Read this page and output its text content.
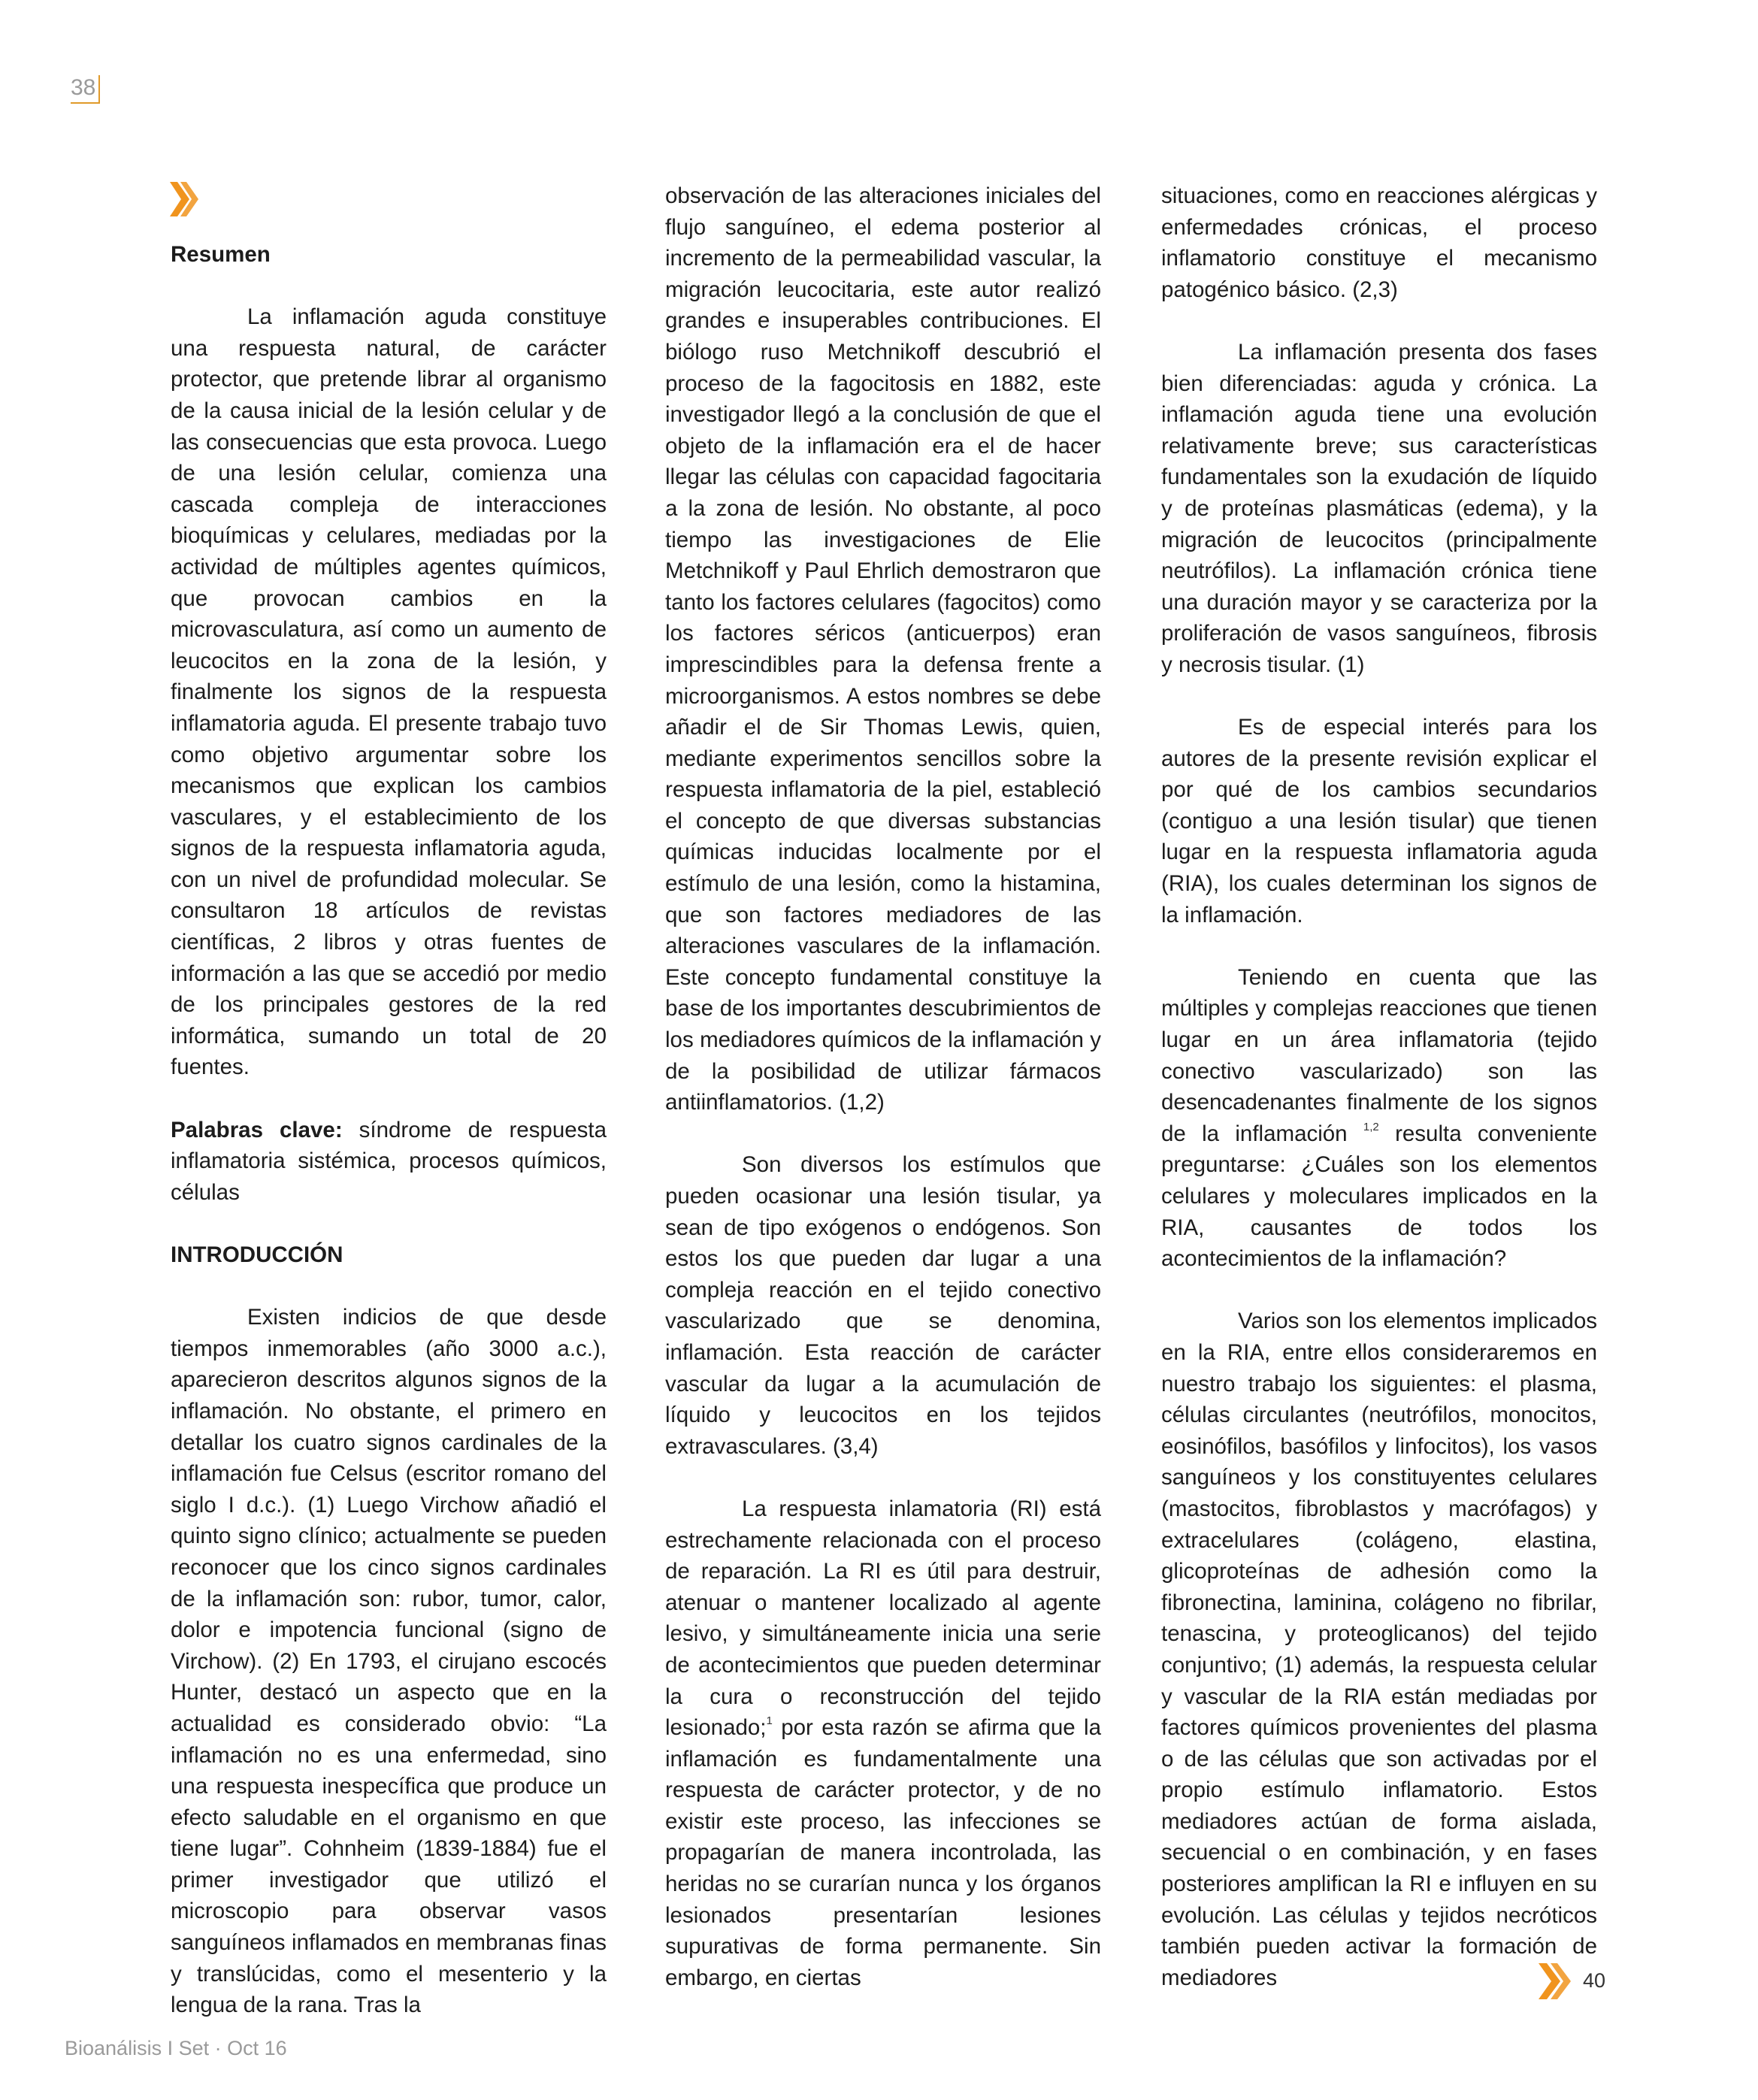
38
Resumen

La inflamación aguda constituye una respuesta natural, de carácter protector, que pretende librar al organismo de la causa inicial de la lesión celular y de las consecuencias que esta provoca. Luego de una lesión celular, comienza una cascada compleja de interacciones bioquímicas y celulares, mediadas por la actividad de múltiples agentes químicos, que provocan cambios en la microvasculatura, así como un aumento de leucocitos en la zona de la lesión, y finalmente los signos de la respuesta inflamatoria aguda. El presente trabajo tuvo como objetivo argumentar sobre los mecanismos que explican los cambios vasculares, y el establecimiento de los signos de la respuesta inflamatoria aguda, con un nivel de profundidad molecular. Se consultaron 18 artículos de revistas científicas, 2 libros y otras fuentes de información a las que se accedió por medio de los principales gestores de la red informática, sumando un total de 20 fuentes.

Palabras clave: síndrome de respuesta inflamatoria sistémica, procesos químicos, células

INTRODUCCIÓN

Existen indicios de que desde tiempos inmemorables (año 3000 a.c.), aparecieron descritos algunos signos de la inflamación. No obstante, el primero en detallar los cuatro signos cardinales de la inflamación fue Celsus (escritor romano del siglo I d.c.). (1) Luego Virchow añadió el quinto signo clínico; actualmente se pueden reconocer que los cinco signos cardinales de la inflamación son: rubor, tumor, calor, dolor e impotencia funcional (signo de Virchow). (2) En 1793, el cirujano escocés Hunter, destacó un aspecto que en la actualidad es considerado obvio: “La inflamación no es una enfermedad, sino una respuesta inespecífica que produce un efecto saludable en el organismo en que tiene lugar”. Cohnheim (1839-1884) fue el primer investigador que utilizó el microscopio para observar vasos sanguíneos inflamados en membranas finas y translúcidas, como el mesenterio y la lengua de la rana. Tras la

observación de las alteraciones iniciales del flujo sanguíneo, el edema posterior al incremento de la permeabilidad vascular, la migración leucocitaria, este autor realizó grandes e insuperables contribuciones. El biólogo ruso Metchnikoff descubrió el proceso de la fagocitosis en 1882, este investigador llegó a la conclusión de que el objeto de la inflamación era el de hacer llegar las células con capacidad fagocitaria a la zona de lesión. No obstante, al poco tiempo las investigaciones de Elie Metchnikoff y Paul Ehrlich demostraron que tanto los factores celulares (fagocitos) como los factores séricos (anticuerpos) eran imprescindibles para la defensa frente a microorganismos. A estos nombres se debe añadir el de Sir Thomas Lewis, quien, mediante experimentos sencillos sobre la respuesta inflamatoria de la piel, estableció el concepto de que diversas substancias químicas inducidas localmente por el estímulo de una lesión, como la histamina, que son factores mediadores de las alteraciones vasculares de la inflamación. Este concepto fundamental constituye la base de los importantes descubrimientos de los mediadores químicos de la inflamación y de la posibilidad de utilizar fármacos antiinflamatorios. (1,2)

Son diversos los estímulos que pueden ocasionar una lesión tisular, ya sean de tipo exógenos o endógenos. Son estos los que pueden dar lugar a una compleja reacción en el tejido conectivo vascularizado que se denomina, inflamación. Esta reacción de carácter vascular da lugar a la acumulación de líquido y leucocitos en los tejidos extravasculares. (3,4)

La respuesta inlamatoria (RI) está estrechamente relacionada con el proceso de reparación. La RI es útil para destruir, atenuar o mantener localizado al agente lesivo, y simultáneamente inicia una serie de acontecimientos que pueden determinar la cura o reconstrucción del tejido lesionado;$^1$ por esta razón se afirma que la inflamación es fundamentalmente una respuesta de carácter protector, y de no existir este proceso, las infecciones se propagarían de manera incontrolada, las heridas no se curarían nunca y los órganos lesionados presentarían lesiones supurativas de forma permanente. Sin embargo, en ciertas

situaciones, como en reacciones alérgicas y enfermedades crónicas, el proceso inflamatorio constituye el mecanismo patogénico básico. (2,3)

La inflamación presenta dos fases bien diferenciadas: aguda y crónica. La inflamación aguda tiene una evolución relativamente breve; sus características fundamentales son la exudación de líquido y de proteínas plasmáticas (edema), y la migración de leucocitos (principalmente neutrófilos). La inflamación crónica tiene una duración mayor y se caracteriza por la proliferación de vasos sanguíneos, fibrosis y necrosis tisular. (1)

Es de especial interés para los autores de la presente revisión explicar el por qué de los cambios secundarios (contiguo a una lesión tisular) que tienen lugar en la respuesta inflamatoria aguda (RIA), los cuales determinan los signos de la inflamación.

Teniendo en cuenta que las múltiples y complejas reacciones que tienen lugar en un área inflamatoria (tejido conectivo vascularizado) son las desencadenantes finalmente de los signos de la inflamación $^{1,2}$ resulta conveniente preguntarse: ¿Cuáles son los elementos celulares y moleculares implicados en la RIA, causantes de todos los acontecimientos de la inflamación?

Varios son los elementos implicados en la RIA, entre ellos consideraremos en nuestro trabajo los siguientes: el plasma, células circulantes (neutrófilos, monocitos, eosinófilos, basófilos y linfocitos), los vasos sanguíneos y los constituyentes celulares (mastocitos, fibroblastos y macrófagos) y extracelulares (colágeno, elastina, glicoproteínas de adhesión como la fibronectina, laminina, colágeno no fibrilar, tenascina, y proteoglicanos) del tejido conjuntivo; (1) además, la respuesta celular y vascular de la RIA están mediadas por factores químicos provenientes del plasma o de las células que son activadas por el propio estímulo inflamatorio. Estos mediadores actúan de forma aislada, secuencial o en combinación, y en fases posteriores amplifican la RI e influyen en su evolución. Las células y tejidos necróticos también pueden activar la formación de mediadores	40
Bioanálisis I Set · Oct 16
